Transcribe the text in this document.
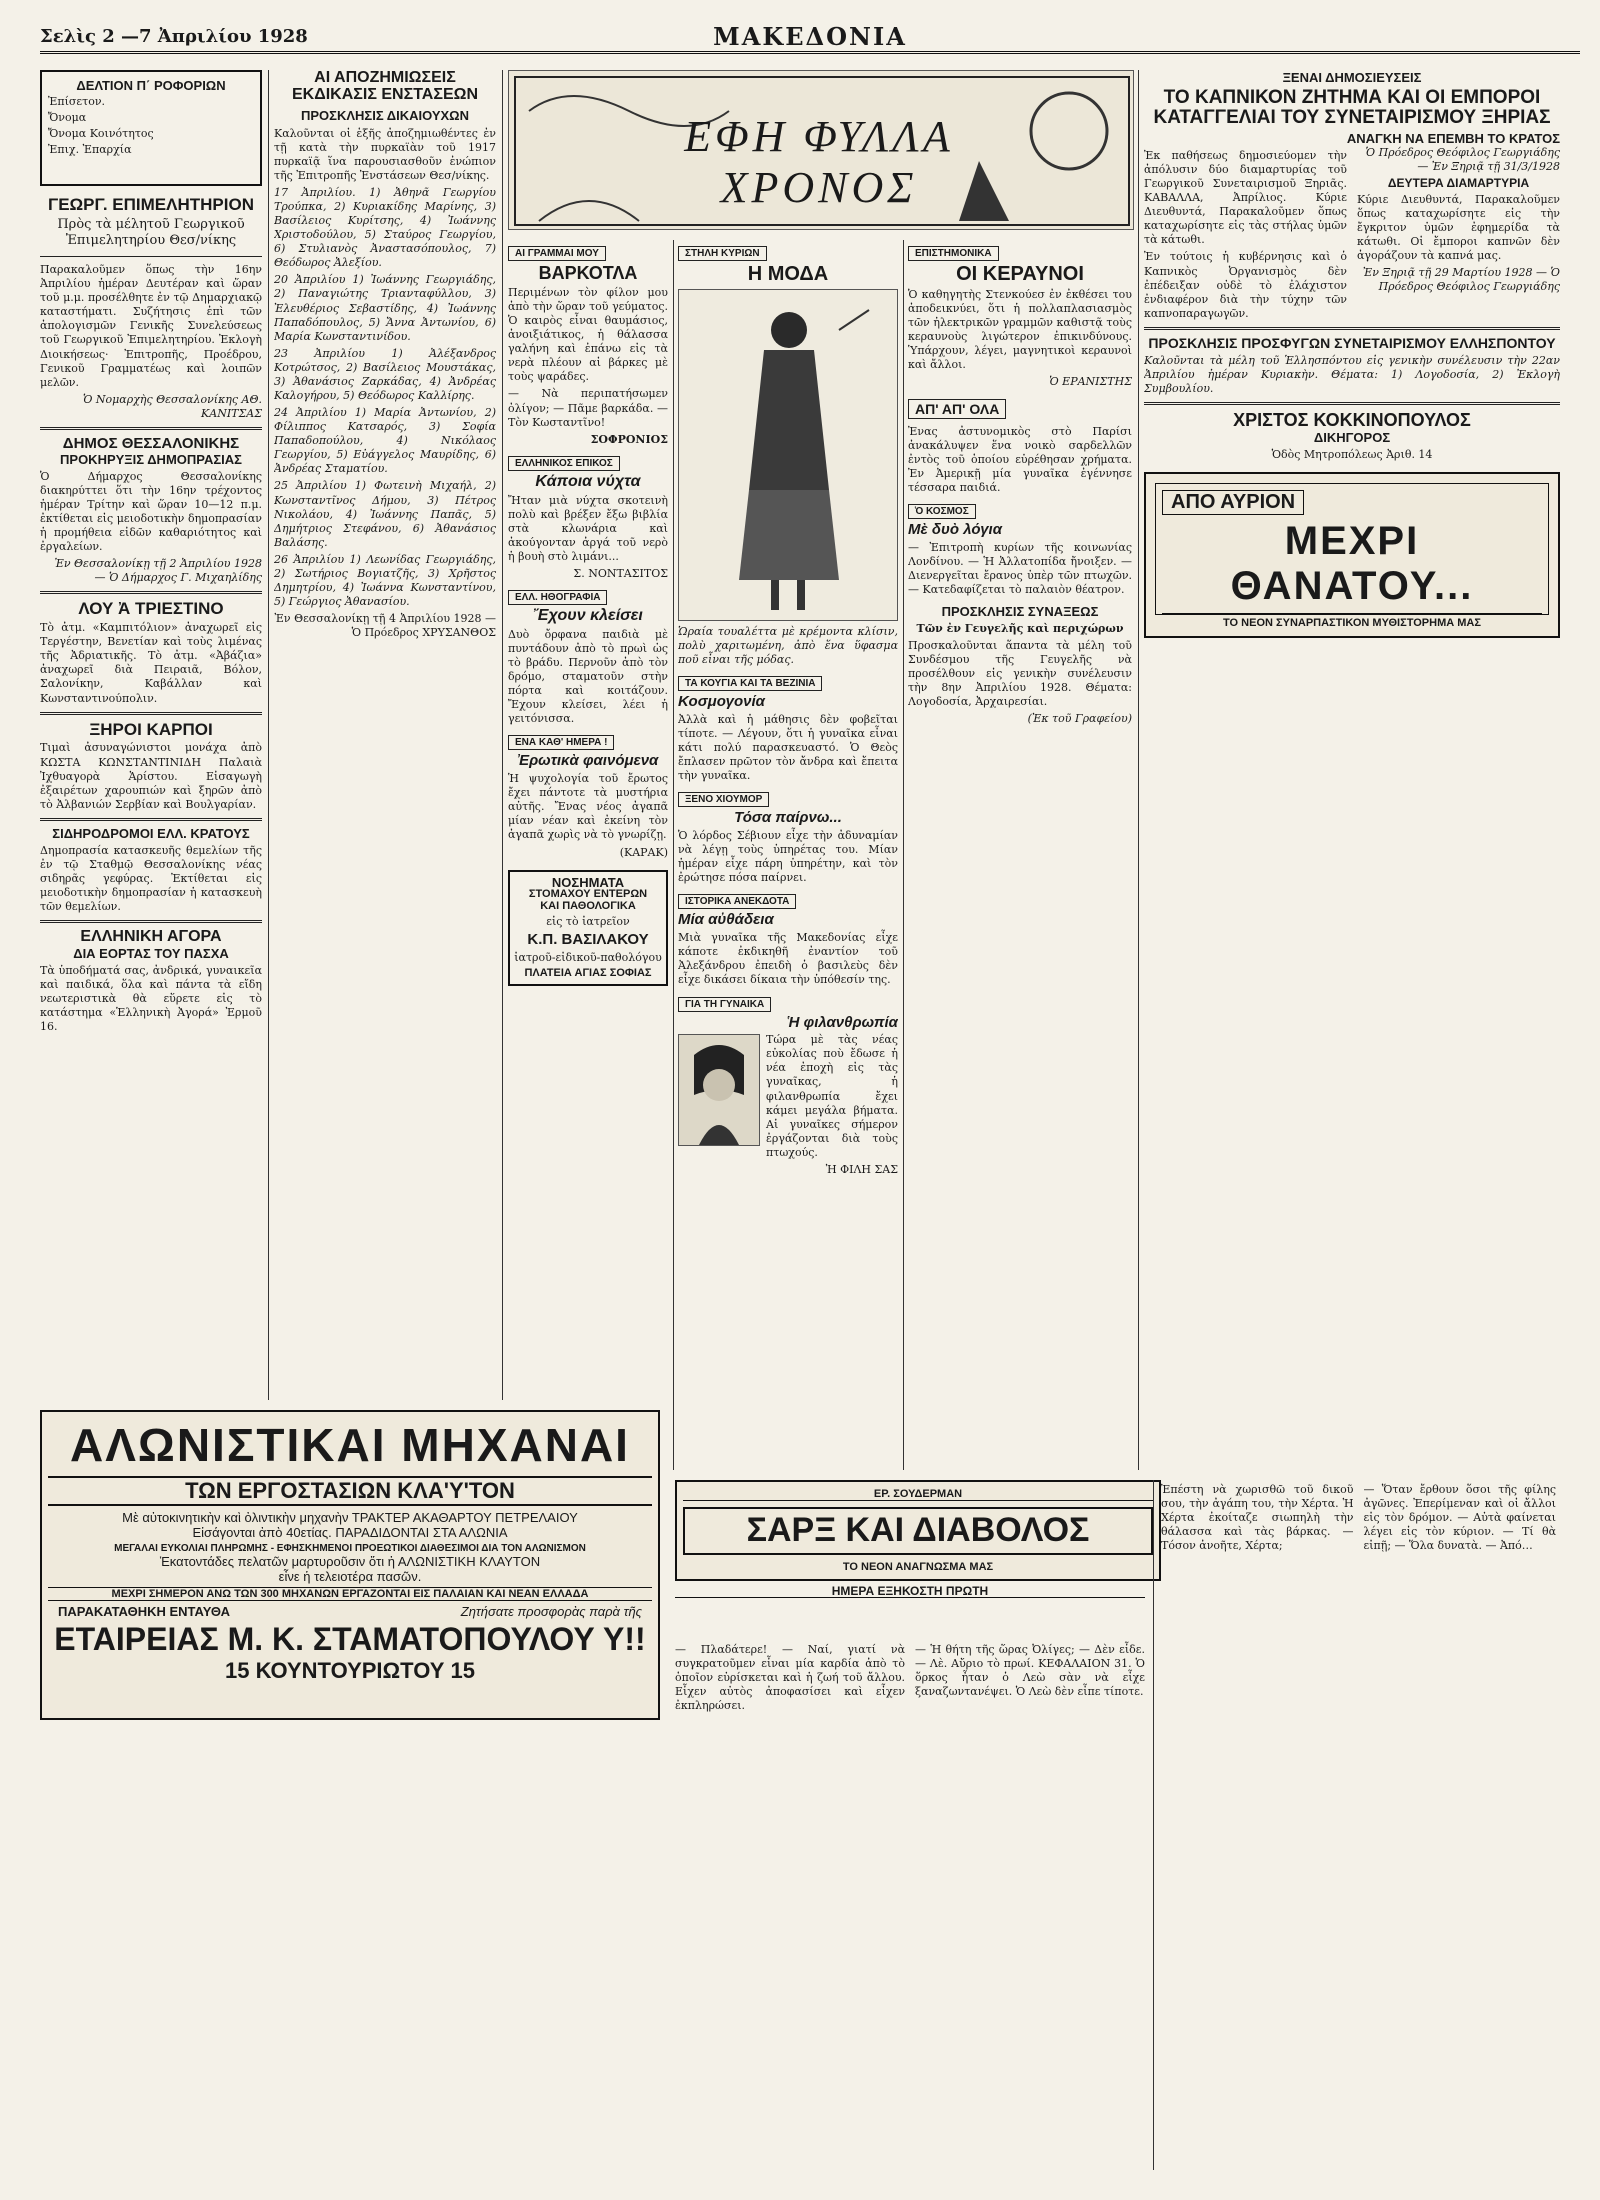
Σελὶς 2 —7 Ἀπριλίου 1928	ΜΑΚΕΔΟΝΙΑ
ΔΕΛΤΙΟΝ Π΄ ΡΟΦΟΡΙΩΝ
Ἐπίσετον.
Ὄνομα
Ὄνομα Κοινότητος
Ἐπιχ. Ἐπαρχία
ΓΕΩΡΓ. ΕΠΙΜΕΛΗΤΗΡΙΟΝ
Πρὸς τὰ μέλητοῦ Γεωργικοῦ Ἐπιμελητηρίου Θεσ/νίκης
Παρακαλοῦμεν ὅπως τὴν 16ην Ἀπριλίου ἡμέραν Δευτέραν καὶ ὥραν τοῦ μ.μ. προσέλθητε ἐν τῷ Δημαρχιακῷ καταστήματι. Συζήτησις ἐπὶ τῶν ἀπολογισμῶν Γενικῆς Συνελεύσεως τοῦ Γεωργικοῦ Ἐπιμελητηρίου. Ἐκλογὴ Διοικήσεως· Ἐπιτροπῆς, Προέδρου, Γενικοῦ Γραμματέως καὶ λοιπῶν μελῶν.
Ὁ Νομαρχὴς Θεσσαλονίκης ΑΘ. ΚΑΝΙΤΣΑΣ
ΔΗΜΟΣ ΘΕΣΣΑΛΟΝΙΚΗΣ
ΠΡΟΚΗΡΥΞΙΣ ΔΗΜΟΠΡΑΣΙΑΣ
Ὁ Δήμαρχος Θεσσαλονίκης διακηρύττει ὅτι τὴν 16ην τρέχοντος ἡμέραν Τρίτην καὶ ὥραν 10—12 π.μ. ἐκτίθεται εἰς μειοδοτικὴν δημοπρασίαν ἡ προμήθεια εἰδῶν καθαριότητος καὶ ἐργαλείων.
Ἐν Θεσσαλονίκῃ τῇ 2 Ἀπριλίου 1928 — Ὁ Δήμαρχος Γ. Μιχαηλίδης
ΛΟΥ Ἀ ΤΡΙΕΣΤΙΝΟ
Τὸ ἀτμ. «Καμπιτόλιον» ἀναχωρεῖ εἰς Τεργέστην, Βενετίαν καὶ τοὺς λιμένας τῆς Ἀδριατικῆς. Τὸ ἀτμ. «Ἀβάζια» ἀναχωρεῖ διὰ Πειραιᾶ, Βόλον, Σαλονίκην, Καβάλλαν καὶ Κωνσταντινούπολιν.
ΞΗΡΟΙ ΚΑΡΠΟΙ
Τιμαὶ ἀσυναγώνιστοι μονάχα ἀπὸ ΚΩΣΤΑ ΚΩΝΣΤΑΝΤΙΝΙΔΗ Παλαιὰ Ἰχθυαγορὰ Ἁρίστου. Εἰσαγωγὴ ἐξαιρέτων χαρουπιών καὶ ξηρῶν ἀπὸ τὸ Ἀλβανιών Σερβίαν καὶ Βουλγαρίαν.
ΣΙΔΗΡΟΔΡΟΜΟΙ ΕΛΛ. ΚΡΑΤΟΥΣ
Δημοπρασία κατασκευῆς θεμελίων τῆς ἐν τῷ Σταθμῷ Θεσσαλονίκης νέας σιδηρᾶς γεφύρας. Ἐκτίθεται εἰς μειοδοτικὴν δημοπρασίαν ἡ κατασκευὴ τῶν θεμελίων.
ΕΛΛΗΝΙΚΗ ΑΓΟΡΑ
ΔΙΑ ΕΟΡΤΑΣ ΤΟΥ ΠΑΣΧΑ
Τὰ ὑποδήματά σας, ἀνδρικά, γυναικεῖα καὶ παιδικά, ὅλα καὶ πάντα τὰ εἴδη νεωτεριστικὰ θὰ εὕρετε εἰς τὸ κατάστημα «Ἑλληνικὴ Ἀγορά» Ἐρμοῦ 16.
ΑΙ ΑΠΟΖΗΜΙΩΣΕΙΣ ΕΚΔΙΚΑΣΙΣ ΕΝΣΤΑΣΕΩΝ
ΠΡΟΣΚΛΗΣΙΣ ΔΙΚΑΙΟΥΧΩΝ
Καλοῦνται οἱ ἑξῆς ἀποζημιωθέντες ἐν τῇ κατὰ τὴν πυρκαϊὰν τοῦ 1917 πυρκαϊᾷ ἵνα παρουσιασθοῦν ἐνώπιον τῆς Ἐπιτροπῆς Ἐνστάσεων Θεσ/νίκης.
17 Ἀπριλίου. 1) Ἀθηνᾶ Γεωργίου Τρούπκα, 2) Κυριακίδης Μαρίνης, 3) Βασίλειος Κυρίτσης, 4) Ἰωάννης Χριστοδούλου, 5) Σταύρος Γεωργίου, 6) Στυλιανὸς Ἀναστασόπουλος, 7) Θεόδωρος Ἀλεξίου.
20 Ἀπριλίου 1) Ἰωάννης Γεωργιάδης, 2) Παναγιώτης Τριανταφύλλου, 3) Ἐλευθέριος Σεβαστίδης, 4) Ἰωάννης Παπαδόπουλος, 5) Ἄννα Ἀντωνίου, 6) Μαρία Κωνσταντινίδου.
23 Ἀπριλίου 1) Ἀλέξανδρος Κοτρώτσος, 2) Βασίλειος Μουστάκας, 3) Ἀθανάσιος Ζαρκάδας, 4) Ἀνδρέας Καλογήρου, 5) Θεόδωρος Καλλίρης.
24 Ἀπριλίου 1) Μαρία Ἀντωνίου, 2) Φίλιππος Κατσαρός, 3) Σοφία Παπαδοπούλου, 4) Νικόλαος Γεωργίου, 5) Εὐάγγελος Μαυρίδης, 6) Ἀνδρέας Σταματίου.
25 Ἀπριλίου 1) Φωτεινὴ Μιχαήλ, 2) Κωνσταντῖνος Δήμου, 3) Πέτρος Νικολάου, 4) Ἰωάννης Παπᾶς, 5) Δημήτριος Στεφάνου, 6) Ἀθανάσιος Βαλάσης.
26 Ἀπριλίου 1) Λεωνίδας Γεωργιάδης, 2) Σωτήριος Βογιατζῆς, 3) Χρῆστος Δημητρίου, 4) Ἰωάννα Κωνσταντίνου, 5) Γεώργιος Ἀθανασίου.
Ἐν Θεσσαλονίκῃ τῇ 4 Ἀπριλίου 1928 — Ὁ Πρόεδρος ΧΡΥΣΑΝΘΟΣ
ΕΦΗ ΦΥΛΛΑ ΧΡΟΝΟΣ
ΑΙ ΓΡΑΜΜΑΙ ΜΟΥ
ΒΑΡΚΟΤΛΑ
Περιμένων τὸν φίλον μου ἀπὸ τὴν ὥραν τοῦ γεύματος. Ὁ καιρὸς εἶναι θαυμάσιος, ἀνοιξιάτικος, ἡ θάλασσα γαλήνη καὶ ἐπάνω εἰς τὰ νερὰ πλέουν αἱ βάρκες μὲ τοὺς ψαράδες.
— Νὰ περιπατήσωμεν ὀλίγον; — Πᾶμε βαρκάδα. — Τὸν Κωσταντῖνο!
ΣΟΦΡΟΝΙΟΣ
ΕΛΛΗΝΙΚΟΣ ΕΠΙΚΟΣ
Κάποια νύχτα
Ἤταν μιὰ νύχτα σκοτεινὴ πολὺ καὶ βρέξεν ἔξω βιβλία στὰ κλωνάρια καὶ ἀκούγονταν ἀργά τοῦ νερὸ ἡ βουὴ στὸ λιμάνι...
Σ. ΝΟΝΤΑΣΙΤΟΣ
ΕΛΛ. ΗΘΟΓΡΑΦΙΑ
Ἔχουν κλείσει
Δυὸ ὄρφανα παιδιὰ μὲ πυντάδουν ἀπὸ τὸ πρωὶ ὡς τὸ βράδυ. Περνοῦν ἀπὸ τὸν δρόμο, σταματοῦν στὴν πόρτα καὶ κοιτάζουν. Ἔχουν κλείσει, λέει ἡ γειτόνισσα.
ΕΝΑ ΚΑΘ' ΗΜΕΡΑ !
Ἐρωτικὰ φαινόμενα
Ἡ ψυχολογία τοῦ ἔρωτος ἔχει πάντοτε τὰ μυστήρια αὐτῆς. Ἔνας νέος ἀγαπᾶ μίαν νέαν καὶ ἐκείνη τὸν ἀγαπᾶ χωρὶς νὰ τὸ γνωρίζῃ.
(ΚΑΡΑΚ)
ΝΟΣΗΜΑΤΑ
ΣΤΟΜΑΧΟΥ ΕΝΤΕΡΩΝ
ΚΑΙ ΠΑΘΟΛΟΓΙΚΑ
εἰς τὸ ἰατρεῖον
Κ.Π. ΒΑΣΙΛΑΚΟΥ
ἰατροῦ-εἰδικοῦ-παθολόγου
ΠΛΑΤΕΙΑ ΑΓΙΑΣ ΣΟΦΙΑΣ
ΣΤΗΛΗ ΚΥΡΙΩΝ
Η ΜΟΔΑ
Ὡραία τουαλέττα μὲ κρέμοντα κλίσιν, πολὺ χαριτωμένη, ἀπὸ ἕνα ὕφασμα ποῦ εἶναι τῆς μόδας.
ΤΑ ΚΟΥΓΙΑ ΚΑΙ ΤΑ ΒΕΖΙΝΙΑ
Κοσμογονία
Ἀλλὰ καὶ ἡ μάθησις δὲν φοβεῖται τίποτε. — Λέγουν, ὅτι ἡ γυναῖκα εἶναι κάτι πολύ παρασκευαστό. Ὁ Θεὸς ἔπλασεν πρῶτον τὸν ἄνδρα καὶ ἔπειτα τὴν γυναῖκα.
ΞΕΝΟ ΧΙΟΥΜΟΡ
Τόσα παίρνω...
Ὁ λόρδος Σέβιουν εἶχε τὴν ἀδυναμίαν νὰ λέγῃ τοὺς ὑπηρέτας του. Μίαν ἡμέραν εἶχε πάρη ὑπηρέτην, καὶ τὸν ἐρώτησε πόσα παίρνει.
ΙΣΤΟΡΙΚΑ ΑΝΕΚΔΟΤΑ
Μία αὐθάδεια
Μιὰ γυναῖκα τῆς Μακεδονίας εἶχε κάποτε ἐκδικηθῆ ἐναντίον τοῦ Ἀλεξάνδρου ἐπειδὴ ὁ βασιλεὺς δὲν εἶχε δικάσει δίκαια τὴν ὑπόθεσίν της.
ΓΙΑ ΤΗ ΓΥΝΑΙΚΑ
Ἡ φιλανθρωπία
Τώρα μὲ τὰς νέας εὐκολίας ποὺ ἔδωσε ἡ νέα ἐποχὴ εἰς τὰς γυναῖκας, ἡ φιλανθρωπία ἔχει κάμει μεγάλα βήματα. Αἱ γυναῖκες σήμερον ἐργάζονται διὰ τοὺς πτωχούς.
Ἡ ΦΙΛΗ ΣΑΣ
ΕΠΙΣΤΗΜΟΝΙΚΑ
ΟΙ ΚΕΡΑΥΝΟΙ
Ὁ καθηγητὴς Στενκούεσ ἐν ἐκθέσει του ἀποδεικνύει, ὅτι ἡ πολλαπλασιασμὸς τῶν ἠλεκτρικῶν γραμμῶν καθιστᾷ τοὺς κεραυνοὺς λιγώτερον ἐπικινδύνους. Ὑπάρχουν, λέγει, μαγνητικοὶ κεραυνοὶ καὶ ἄλλοι.
Ὁ ΕΡΑΝΙΣΤΗΣ
ΑΠ' ΑΠ' ΟΛΑ
Ἐνας ἀστυνομικὸς στὸ Παρίσι ἀνακάλυψεν ἕνα νοικὸ σαρδελλῶν ἐντὸς τοῦ ὁποίου εὑρέθησαν χρήματα. Ἐν Ἀμερικῇ μία γυναῖκα ἐγέννησε τέσσαρα παιδιά.
Ὁ ΚΟΣΜΟΣ
Μὲ δυὸ λόγια
— Ἐπιτροπὴ κυρίων τῆς κοινωνίας Λονδίνου. — Ἡ Ἀλλατοπίδα ἤνοιξεν. — Διενεργεῖται ἔρανος ὑπὲρ τῶν πτωχῶν. — Κατεδαφίζεται τὸ παλαιὸν θέατρον.
ΠΡΟΣΚΛΗΣΙΣ ΣΥΝΑΞΕΩΣ
Τῶν ἐν Γευγελῆς καὶ περιχώρων
Προσκαλοῦνται ἅπαντα τὰ μέλη τοῦ Συνδέσμου τῆς Γευγελῆς νὰ προσέλθουν εἰς γενικὴν συνέλευσιν τὴν 8ην Ἀπριλίου 1928. Θέματα: Λογοδοσία, Ἀρχαιρεσίαι.
(Ἐκ τοῦ Γραφείου)
ΞΕΝΑΙ ΔΗΜΟΣΙΕΥΣΕΙΣ
ΤΟ ΚΑΠΝΙΚΟΝ ΖΗΤΗΜΑ ΚΑΙ ΟΙ ΕΜΠΟΡΟΙ ΚΑΤΑΓΓΕΛΙΑΙ ΤΟΥ ΣΥΝΕΤΑΙΡΙΣΜΟΥ ΞΗΡΙΑΣ
ΑΝΑΓΚΗ ΝΑ ΕΠΕΜΒΗ ΤΟ ΚΡΑΤΟΣ
Ἐκ παθήσεως δημοσιεύομεν τὴν ἀπόλυσιν δύο διαμαρτυρίας τοῦ Γεωργικοῦ Συνεταιρισμοῦ Ξηριᾶς. ΚΑΒΑΛΛΑ, Ἀπρίλιος. Κύριε Διευθυντά, Παρακαλοῦμεν ὅπως καταχωρίσητε εἰς τὰς στήλας ὑμῶν τὰ κάτωθι.
Ἐν τούτοις ἡ κυβέρνησις καὶ ὁ Καπνικὸς Ὀργανισμὸς δὲν ἐπέδειξαν οὐδὲ τὸ ἐλάχιστον ἐνδιαφέρον διὰ τὴν τύχην τῶν καπνοπαραγωγῶν.
Ὁ Πρόεδρος Θεόφιλος Γεωργιάδης — Ἐν Ξηριᾷ τῇ 31/3/1928
ΔΕΥΤΕΡΑ ΔΙΑΜΑΡΤΥΡΙΑ
Κύριε Διευθυντά, Παρακαλοῦμεν ὅπως καταχωρίσητε εἰς τὴν ἔγκριτον ὑμῶν ἐφημερίδα τὰ κάτωθι. Οἱ ἔμποροι καπνῶν δὲν ἀγοράζουν τὰ καπνά μας.
Ἐν Ξηριᾷ τῇ 29 Μαρτίου 1928 — Ὁ Πρόεδρος Θεόφιλος Γεωργιάδης
ΠΡΟΣΚΛΗΣΙΣ ΠΡΟΣΦΥΓΩΝ ΣΥΝΕΤΑΙΡΙΣΜΟΥ ΕΛΛΗΣΠΟΝΤΟΥ
Καλοῦνται τὰ μέλη τοῦ Ἑλλησπόντου εἰς γενικὴν συνέλευσιν τὴν 22αν Ἀπριλίου ἡμέραν Κυριακὴν. Θέματα: 1) Λογοδοσία, 2) Ἐκλογὴ Συμβουλίου.
ΧΡΙΣΤΟΣ ΚΟΚΚΙΝΟΠΟΥΛΟΣ
ΔΙΚΗΓΟΡΟΣ
Ὁδὸς Μητροπόλεως Ἀριθ. 14
ΑΠΟ ΑΥΡΙΟΝ
ΜΕΧΡΙ ΘΑΝΑΤΟΥ...
ΤΟ ΝΕΟΝ ΣΥΝΑΡΠΑΣΤΙΚΟΝ ΜΥΘΙΣΤΟΡΗΜΑ ΜΑΣ
ΑΛΩΝΙΣΤΙΚΑΙ ΜΗΧΑΝΑΙ
ΤΩΝ ΕΡΓΟΣΤΑΣΙΩΝ ΚΛΑ'Υ'ΤΟΝ
Μὲ αὐτοκινητικὴν καὶ ὀλιντικὴν μηχανὴν ΤΡΑΚΤΕΡ ΑΚΑΘΑΡΤΟΥ ΠΕΤΡΕΛΑΙΟΥ
Εἰσάγονται ἀπὸ 40ετίας. ΠΑΡΑΔΙΔΟΝΤΑΙ ΣΤΑ ΑΛΩΝΙΑ
ΜΕΓΑΛΑΙ ΕΥΚΟΛΙΑΙ ΠΛΗΡΩΜΗΣ - ΕΦΗΣΚΗΜΕΝΟΙ ΠΡΟΕΩΤΙΚΟΙ ΔΙΑΘΕΣΙΜΟΙ ΔΙΑ ΤΟΝ ΑΛΩΝΙΣΜΟΝ
Ἑκατοντάδες πελατῶν μαρτυροῦσιν ὅτι ἡ ΑΛΩΝΙΣΤΙΚΗ ΚΛΑΥΤΟΝ
εἶνε ἡ τελειοτέρα πασῶν.
ΜΕΧΡΙ ΣΗΜΕΡΟΝ ΑΝΩ ΤΩΝ 300 ΜΗΧΑΝΩΝ ΕΡΓΑΖΟΝΤΑΙ ΕΙΣ ΠΑΛΑΙΑΝ ΚΑΙ ΝΕΑΝ ΕΛΛΑΔΑ
ΠΑΡΑΚΑΤΑΘΗΚΗ ΕΝΤΑΥΘΑ	Ζητήσατε προσφορὰς παρὰ τῆς
ΕΤΑΙΡΕΙΑΣ Μ. Κ. ΣΤΑΜΑΤΟΠΟΥΛΟΥ Υ!!
15 ΚΟΥΝΤΟΥΡΙΩΤΟΥ 15
ΕΡ. ΣΟΥΔΕΡΜΑΝ
ΣΑΡΞ ΚΑΙ ΔΙΑΒΟΛΟΣ
ΤΟ ΝΕΟΝ ΑΝΑΓΝΩΣΜΑ ΜΑΣ
ΗΜΕΡΑ ΕΞΗΚΟΣΤΗ ΠΡΩΤΗ
— Πλαδάτερε! — Ναί, γιατί νὰ συγκρατοῦμεν εἶναι μία καρδία ἀπὸ τὸ ὁποῖον εὑρίσκεται καὶ ἡ ζωή τοῦ ἄλλου. Εἶχεν αὐτὸς ἀποφασίσει καὶ εἶχεν ἐκπληρώσει.
— Ἡ θήτη τῆς ὥρας Ὀλίγες; — Δὲν εἶδε. — Λὲ. Αὔριο τὸ πρωί. ΚΕΦΑΛΑΙΟΝ 31. Ὁ ὅρκος ἦταν ὁ Λεὼ σὰν νὰ εἶχε ξαναζωντανέψει. Ὁ Λεὼ δὲν εἶπε τίποτε.
Ἐπέστη νὰ χωρισθῶ τοῦ δικοῦ σου, τὴν ἀγάπη του, τὴν Χέρτα. Ἡ Χέρτα ἐκοίταζε σιωπηλὴ τὴν θάλασσα καὶ τὰς βάρκας. — Τόσον ἀνοῆτε, Χέρτα;
— Ὅταν ἔρθουν ὅσοι τῆς φίλης ἀγῶνες. Ἐπερίμεναν καὶ οἱ ἄλλοι εἰς τὸν δρόμον. — Αὐτὰ φαίνεται λέγει εἰς τὸν κύριον. — Τί θὰ εἰπῇ; — Ὅλα δυνατὰ. — Ἀπό…
